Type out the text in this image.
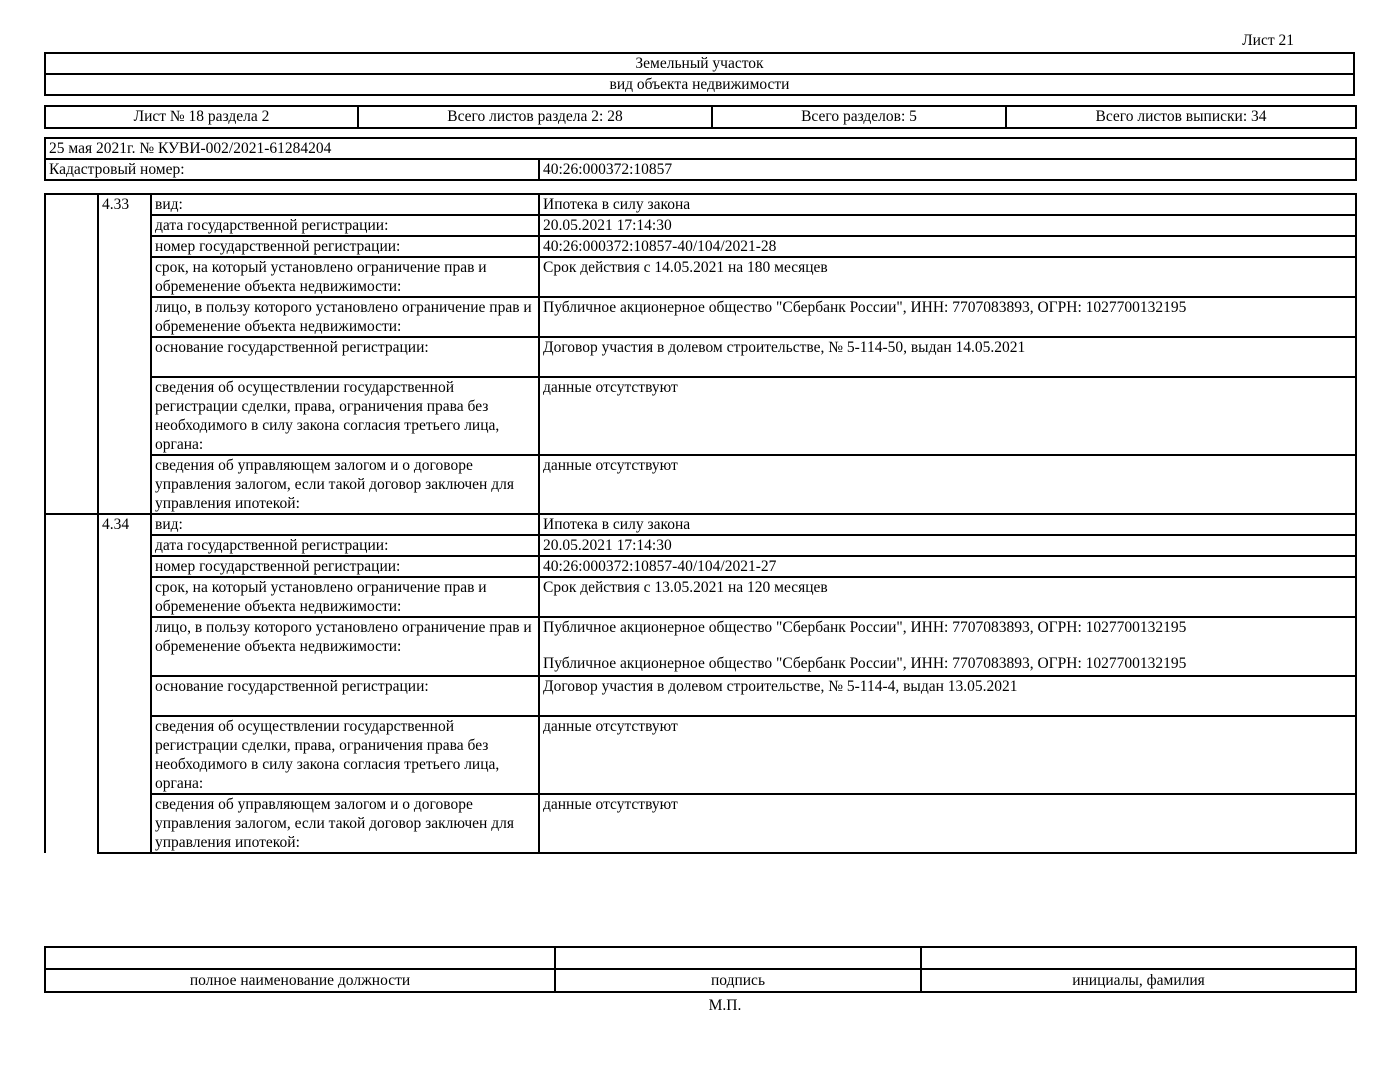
Лист 21
Земельный участок
вид объекта недвижимости
Лист № 18 раздела 2	Всего листов раздела 2: 28	Всего разделов: 5	Всего листов выписки: 34
25 мая 2021г. № КУВИ-002/2021-61284204
Кадастровый номер:	40:26:000372:10857
	4.33	вид:	Ипотека в силу закона
		дата государственной регистрации:	20.05.2021 17:14:30
		номер государственной регистрации:	40:26:000372:10857-40/104/2021-28
		срок, на который установлено ограничение прав и обременение объекта недвижимости:	Срок действия с 14.05.2021 на 180 месяцев
		лицо, в пользу которого установлено ограничение прав и обременение объекта недвижимости:	Публичное акционерное общество "Сбербанк России", ИНН: 7707083893, ОГРН: 1027700132195
		основание государственной регистрации:	Договор участия в долевом строительстве, № 5-114-50, выдан 14.05.2021
		сведения об осуществлении государственной регистрации сделки, права, ограничения права без необходимого в силу закона согласия третьего лица, органа:	данные отсутствуют
		сведения об управляющем залогом и о договоре управления залогом, если такой договор заключен для управления ипотекой:	данные отсутствуют
	4.34	вид:	Ипотека в силу закона
		дата государственной регистрации:	20.05.2021 17:14:30
		номер государственной регистрации:	40:26:000372:10857-40/104/2021-27
		срок, на который установлено ограничение прав и обременение объекта недвижимости:	Срок действия с 13.05.2021 на 120 месяцев
		лицо, в пользу которого установлено ограничение прав и обременение объекта недвижимости:	Публичное акционерное общество "Сбербанк России", ИНН: 7707083893, ОГРН: 1027700132195
Публичное акционерное общество "Сбербанк России", ИНН: 7707083893, ОГРН: 1027700132195

		основание государственной регистрации:	Договор участия в долевом строительстве, № 5-114-4, выдан 13.05.2021
		сведения об осуществлении государственной регистрации сделки, права, ограничения права без необходимого в силу закона согласия третьего лица, органа:	данные отсутствуют
		сведения об управляющем залогом и о договоре управления залогом, если такой договор заключен для управления ипотекой:	данные отсутствуют

полное наименование должности	подпись	инициалы, фамилия
М.П.
